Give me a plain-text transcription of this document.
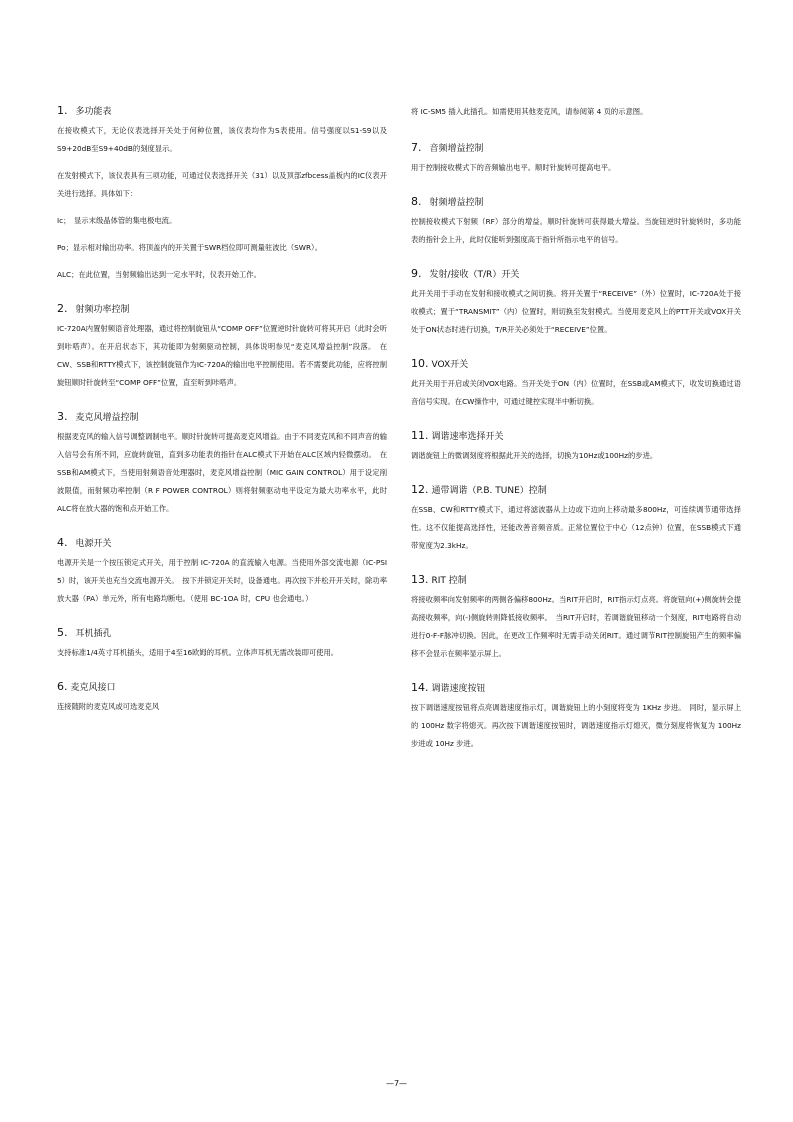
1. 多功能表

在接收模式下，无论仪表选择开关处于何种位置，该仪表均作为S表使用。信号强度以S1-S9以及S9+20dB至S9+40dB的刻度显示。

在发射模式下，该仪表具有三项功能，可通过仪表选择开关（31）以及顶部zfbcess盖板内的IC仪表开关进行选择。具体如下：

Ic；　显示末级晶体管的集电极电流。

Po；显示相对输出功率。将顶盖内的开关置于SWR档位即可测量驻波比（SWR）。

ALC；在此位置，当射频输出达到一定水平时，仪表开始工作。

2. 射频功率控制

IC-720A内置射频语音处理器，通过将控制旋钮从“COMP OFF”位置逆时针旋转可将其开启（此时会听到咔嗒声）。在开启状态下，其功能即为射频驱动控制，具体说明参见“麦克风增益控制”段落。　在CW、SSB和RTTY模式下，该控制旋钮作为IC-720A的输出电平控制使用。若不需要此功能，应将控制旋钮顺时针旋转至“COMP OFF”位置，直至听到咔嗒声。

3. 麦克风增益控制

根据麦克风的输入信号调整调制电平。顺时针旋转可提高麦克风增益。由于不同麦克风和不同声音的输入信号会有所不同，应旋转旋钮，直到多功能表的指针在ALC模式下开始在ALC区域内轻微摆动。　在SSB和AM模式下，当使用射频语音处理器时，麦克风增益控制（MIC GAIN CONTROL）用于设定削波限值，而射频功率控制（R F POWER CONTROL）则将射频驱动电平设定为最大功率水平，此时ALC将在放大器的饱和点开始工作。

4. 电源开关

电源开关是一个按压锁定式开关，用于控制 IC-720A 的直流输入电源。当使用外部交流电源（IC-PSI 5）时，该开关也充当交流电源开关。　按下并锁定开关时，设备通电。再次按下并松开开关时，除功率放大器（PA）单元外，所有电路均断电。（使用 BC-1OA 时，CPU 也会通电。）

5. 耳机插孔

支持标准1/4英寸耳机插头，适用于4至16欧姆的耳机。立体声耳机无需改装即可使用。

6. 麦克风接口

连接随附的麦克风或可选麦克风

将 IC-SM5 插入此插孔。如需使用其他麦克风，请参阅第 4 页的示意图。

7. 音频增益控制

用于控制接收模式下的音频输出电平。顺时针旋转可提高电平。

8. 射频增益控制

控制接收模式下射频（RF）部分的增益。顺时针旋转可获得最大增益。当旋钮逆时针旋转时，多功能表的指针会上升，此时仅能听到强度高于指针所指示电平的信号。

9. 发射/接收（T/R）开关

此开关用于手动在发射和接收模式之间切换。将开关置于“RECEIVE”（外）位置时，IC-720A处于接收模式；置于“TRANSMIT”（内）位置时，则切换至发射模式。当使用麦克风上的PTT开关或VOX开关处于ON状态时进行切换，T/R开关必须处于“RECEIVE”位置。

10. VOX开关

此开关用于开启或关闭VOX电路。当开关处于ON（内）位置时，在SSB或AM模式下，收发切换通过语音信号实现。在CW操作中，可通过键控实现半中断切换。

11. 调谐速率选择开关

调谐旋钮上的微调刻度将根据此开关的选择，切换为10Hz或100Hz的步进。

12. 通带调谐（P.B. TUNE）控制

在SSB、CW和RTTY模式下，通过将滤波器从上边或下边向上移动最多800Hz，可连续调节通带选择性。这不仅能提高选择性，还能改善音频音质。正常位置位于中心（12点钟）位置，在SSB模式下通带宽度为2.3kHz。

13. RIT 控制

将接收频率向发射频率的两侧各偏移800Hz。当RIT开启时，RIT指示灯点亮。将旋钮向(+)侧旋转会提高接收频率，向(-)侧旋转则降低接收频率。　当RIT开启时，若调谐旋钮移动一个刻度，RIT电路将自动进行0-F-F脉冲切换。因此，在更改工作频率时无需手动关闭RIT。通过调节RIT控制旋钮产生的频率偏移不会显示在频率显示屏上。

14. 调谐速度按钮

按下调谐速度按钮将点亮调谐速度指示灯，调谐旋钮上的小刻度将变为 1KHz 步进。　同时，显示屏上的 100Hz 数字将熄灭。再次按下调谐速度按钮时，调谐速度指示灯熄灭，微分刻度将恢复为 100Hz 步进或 10Hz 步进。

—7—
